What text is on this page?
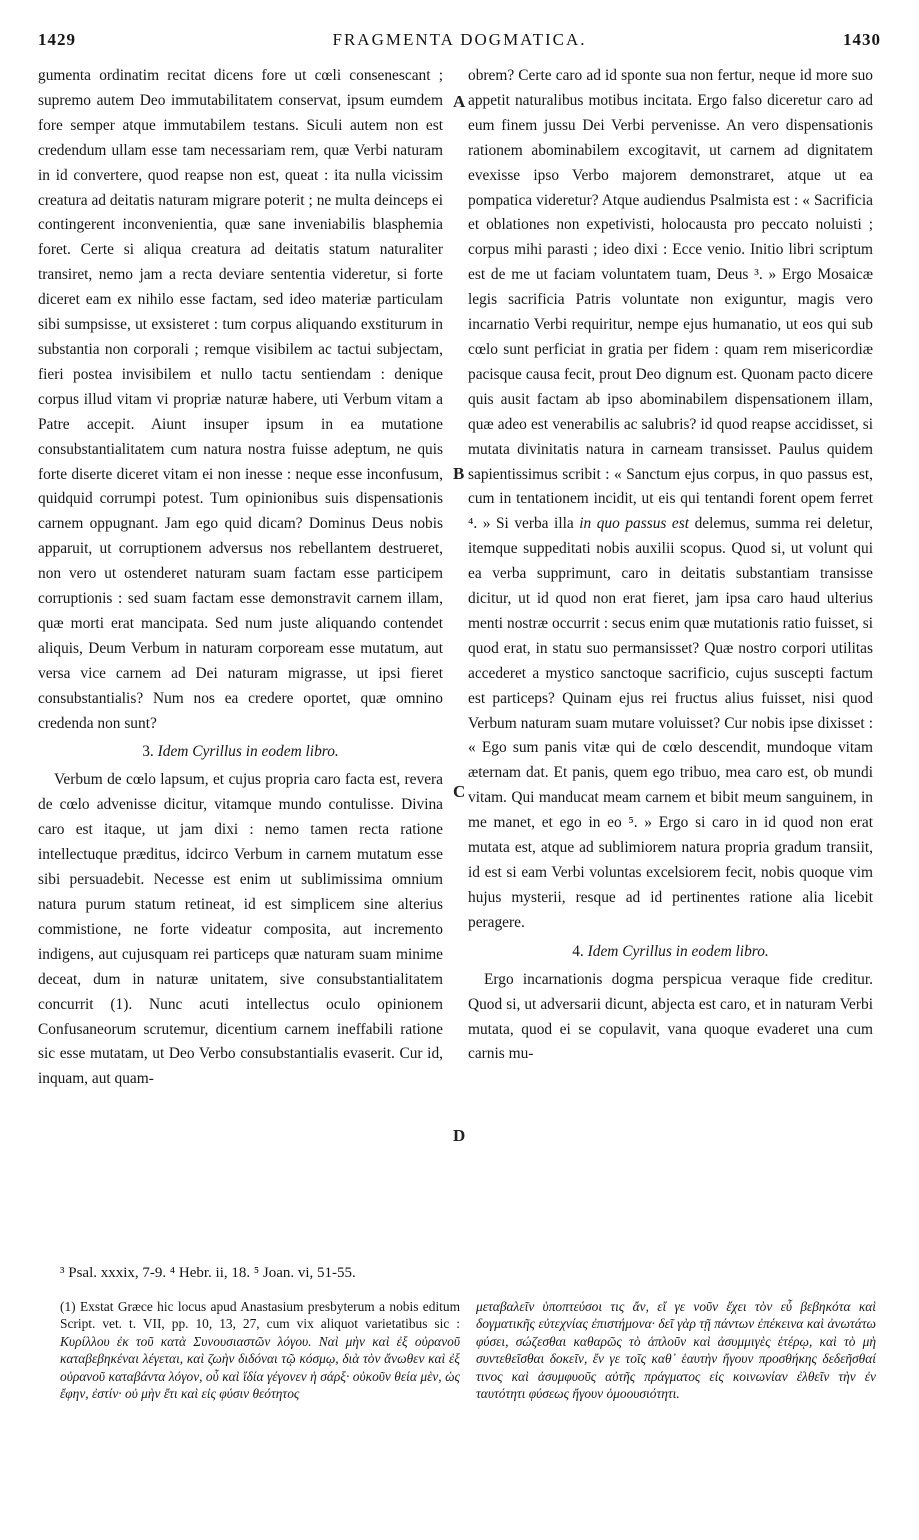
1429	FRAGMENTA DOGMATICA.	1430

gumenta ordinatim recitat dicens fore ut cœli consenescant ; supremo autem Deo immutabilitatem conservat, ipsum eumdem fore semper atque immutabilem testans. Siculi autem non est credendum ullam esse tam necessariam rem, quæ Verbi naturam in id convertere, quod reapse non est, queat : ita nulla vicissim creatura ad deitatis naturam migrare poterit ; ne multa deinceps ei contingerent inconvenientia, quæ sane inveniabilis blasphemia foret. Certe si aliqua creatura ad deitatis statum naturaliter transiret, nemo jam a recta deviare sententia videretur, si forte diceret eam ex nihilo esse factam, sed ideo materiæ particulam sibi sumpsisse, ut exsisteret : tum corpus aliquando exstiturum in substantia non corporali ; remque visibilem ac tactui subjectam, fieri postea invisibilem et nullo tactu sentiendam : denique corpus illud vitam vi propriæ naturæ habere, uti Verbum vitam a Patre accepit. Aiunt insuper ipsum in ea mutatione consubstantialitatem cum natura nostra fuisse adeptum, ne quis forte diserte diceret vitam ei non inesse : neque esse inconfusum, quidquid corrumpi potest. Tum opinionibus suis dispensationis carnem oppugnant. Jam ego quid dicam? Dominus Deus nobis apparuit, ut corruptionem adversus nos rebellantem destrueret, non vero ut ostenderet naturam suam factam esse participem corruptionis : sed suam factam esse demonstravit carnem illam, quæ morti erat mancipata. Sed num juste aliquando contendet aliquis, Deum Verbum in naturam corpoream esse mutatum, aut versa vice carnem ad Dei naturam migrasse, ut ipsi fieret consubstantialis? Num nos ea credere oportet, quæ omnino credenda non sunt?

3. Idem Cyrillus in eodem libro.

Verbum de cœlo lapsum, et cujus propria caro facta est, revera de cœlo advenisse dicitur, vitamque mundo contulisse. Divina caro est itaque, ut jam dixi : nemo tamen recta ratione intellectuque præditus, idcirco Verbum in carnem mutatum esse sibi persuadebit. Necesse est enim ut sublimissima omnium natura purum statum retineat, id est simplicem sine alterius commistione, ne forte videatur composita, aut incremento indigens, aut cujusquam rei particeps quæ naturam suam minime deceat, dum in naturæ unitatem, sive consubstantialitatem concurrit (1). Nunc acuti intellectus oculo opinionem Confusaneorum scrutemur, dicentium carnem ineffabili ratione sic esse mutatam, ut Deo Verbo consubstantialis evaserit. Cur id, inquam, aut quam-

obrem? Certe caro ad id sponte sua non fertur, neque id more suo appetit naturalibus motibus incitata. Ergo falso diceretur caro ad eum finem jussu Dei Verbi pervenisse. An vero dispensationis rationem abominabilem excogitavit, ut carnem ad dignitatem evexisse ipso Verbo majorem demonstraret, atque ut ea pompatica videretur? Atque audiendus Psalmista est : « Sacrificia et oblationes non expetivisti, holocausta pro peccato noluisti ; corpus mihi parasti ; ideo dixi : Ecce venio. Initio libri scriptum est de me ut faciam voluntatem tuam, Deus ³. » Ergo Mosaicæ legis sacrificia Patris voluntate non exiguntur, magis vero incarnatio Verbi requiritur, nempe ejus humanatio, ut eos qui sub cœlo sunt perficiat in gratia per fidem : quam rem misericordiæ pacisque causa fecit, prout Deo dignum est. Quonam pacto dicere quis ausit factam ab ipso abominabilem dispensationem illam, quæ adeo est venerabilis ac salubris? id quod reapse accidisset, si mutata divinitatis natura in carneam transisset. Paulus quidem sapientissimus scribit : « Sanctum ejus corpus, in quo passus est, cum in tentationem incidit, ut eis qui tentandi forent opem ferret ⁴. » Si verba illa in quo passus est delemus, summa rei deletur, itemque suppeditati nobis auxilii scopus. Quod si, ut volunt qui ea verba supprimunt, caro in deitatis substantiam transisse dicitur, ut id quod non erat fieret, jam ipsa caro haud ulterius menti nostræ occurrit : secus enim quæ mutationis ratio fuisset, si quod erat, in statu suo permansisset? Quæ nostro corpori utilitas accederet a mystico sanctoque sacrificio, cujus suscepti factum est particeps? Quinam ejus rei fructus alius fuisset, nisi quod Verbum naturam suam mutare voluisset? Cur nobis ipse dixisset : « Ego sum panis vitæ qui de cœlo descendit, mundoque vitam æternam dat. Et panis, quem ego tribuo, mea caro est, ob mundi vitam. Qui manducat meam carnem et bibit meum sanguinem, in me manet, et ego in eo ⁵. » Ergo si caro in id quod non erat mutata est, atque ad sublimiorem natura propria gradum transiit, id est si eam Verbi voluntas excelsiorem fecit, nobis quoque vim hujus mysterii, resque ad id pertinentes ratione alia licebit peragere.

4. Idem Cyrillus in eodem libro.

Ergo incarnationis dogma perspicua veraque fide creditur. Quod si, ut adversarii dicunt, abjecta est caro, et in naturam Verbi mutata, quod ei se copulavit, vana quoque evaderet una cum carnis mu-

A
B
C
D
³ Psal. xxxix, 7-9. ⁴ Hebr. ii, 18. ⁵ Joan. vi, 51-55.

(1) Exstat Græce hic locus apud Anastasium presbyterum a nobis editum Script. vet. t. VII, pp. 10, 13, 27, cum vix aliquot varietatibus sic : Κυρίλλου ἐκ τοῦ κατὰ Συνουσιαστῶν λόγου. Ναὶ μὴν καὶ ἐξ οὐρανοῦ καταβεβηκέναι λέγεται, καὶ ζωὴν διδόναι τῷ κόσμῳ, διὰ τὸν ἄνωθεν καὶ ἐξ οὐρανοῦ καταβάντα λόγον, οὗ καὶ ἴδία γέγονεν ἡ σάρξ· οὐκοῦν θεία μὲν, ὡς ἔφην, ἐστίν· οὐ μὴν ἔτι καὶ εἰς φύσιν θεότητος

μεταβαλεῖν ὑποπτεύσοι τις ἄν, εἴ γε νοῦν ἔχει τὸν εὖ βεβηκότα καὶ δογματικῆς εὐτεχνίας ἐπιστήμονα· δεῖ γὰρ τῇ πάντων ἐπέκεινα καὶ ἀνωτάτω φύσει, σώζεσθαι καθαρῶς τὸ ἁπλοῦν καὶ ἀσυμμιγὲς ἑτέρῳ, καὶ τὸ μὴ συντεθεῖσθαι δοκεῖν, ἔν γε τοῖς καθ᾽ ἑαυτὴν ἤγουν προσθήκης δεδεῆσθαί τινος καὶ ἀσυμφυοῦς αὐτῆς πράγματος εἰς κοινωνίαν ἐλθεῖν τὴν ἐν ταυτότητι φύσεως ἤγουν ὁμοουσιότητι.
